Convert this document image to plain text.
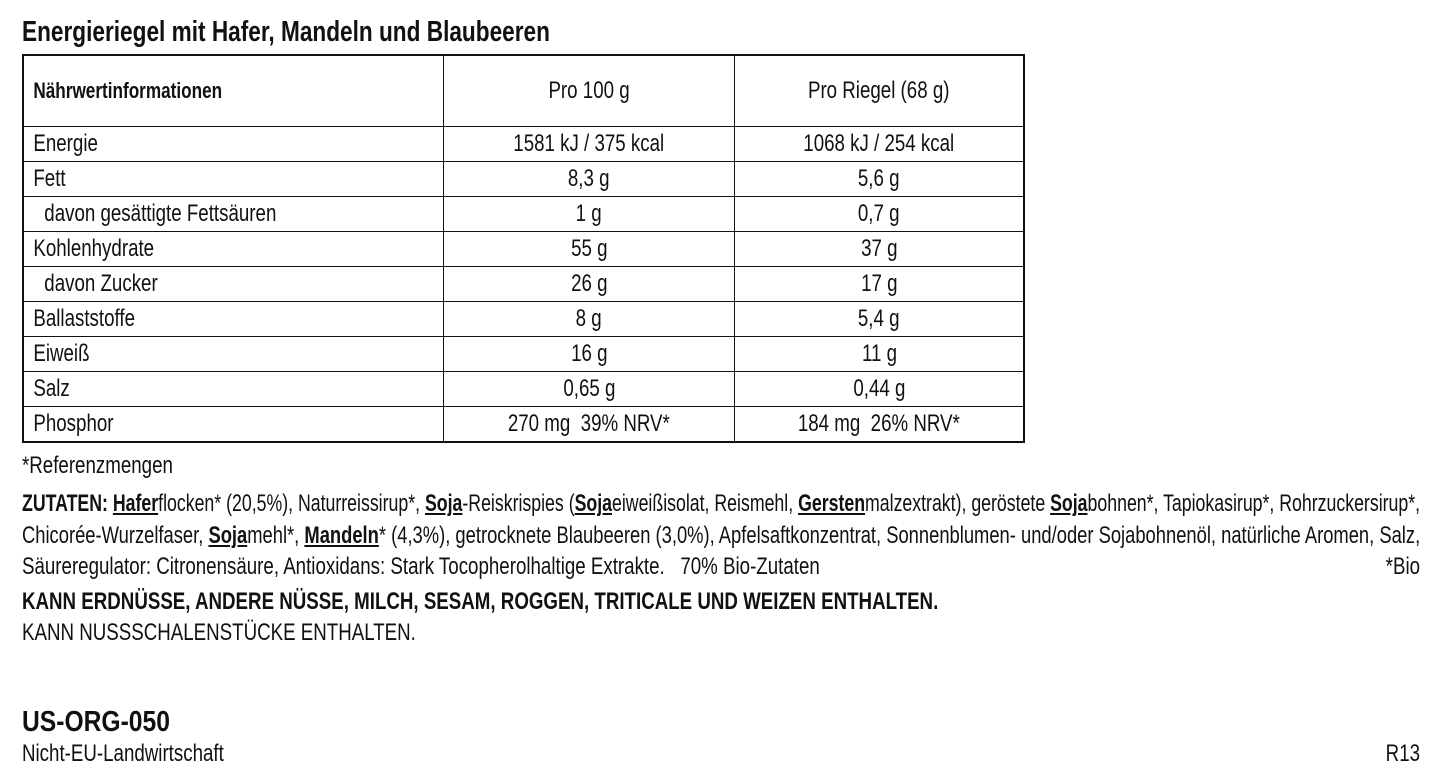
Energieriegel mit Hafer, Mandeln und Blaubeeren
Nährwertinformationen	Pro 100 g	Pro Riegel (68 g)
Energie	1581 kJ / 375 kcal	1068 kJ / 254 kcal
Fett	8,3 g	5,6 g
davon gesättigte Fettsäuren	1 g	0,7 g
Kohlenhydrate	55 g	37 g
davon Zucker	26 g	17 g
Ballaststoffe	8 g	5,4 g
Eiweiß	16 g	11 g
Salz	0,65 g	0,44 g
Phosphor	270 mg  39% NRV*	184 mg  26% NRV*
*Referenzmengen
ZUTATEN: Haferflocken* (20,5%), Naturreissirup*, Soja-Reiskrispies (Sojaeiweißisolat, Reismehl, Gerstenmalzextrakt), geröstete Sojabohnen*, Tapiokasirup*, Rohrzuckersirup*,
Chicorée-Wurzelfaser, Sojamehl*, Mandeln* (4,3%), getrocknete Blaubeeren (3,0%), Apfelsaftkonzentrat, Sonnenblumen- und/oder Sojabohnenöl, natürliche Aromen, Salz,
Säureregulator: Citronensäure, Antioxidans: Stark Tocopherolhaltige Extrakte.   70% Bio-Zutaten	*Bio
KANN ERDNÜSSE, ANDERE NÜSSE, MILCH, SESAM, ROGGEN, TRITICALE UND WEIZEN ENTHALTEN.
KANN NUSSSCHALENSTÜCKE ENTHALTEN.
US-ORG-050
Nicht-EU-Landwirtschaft	R13
